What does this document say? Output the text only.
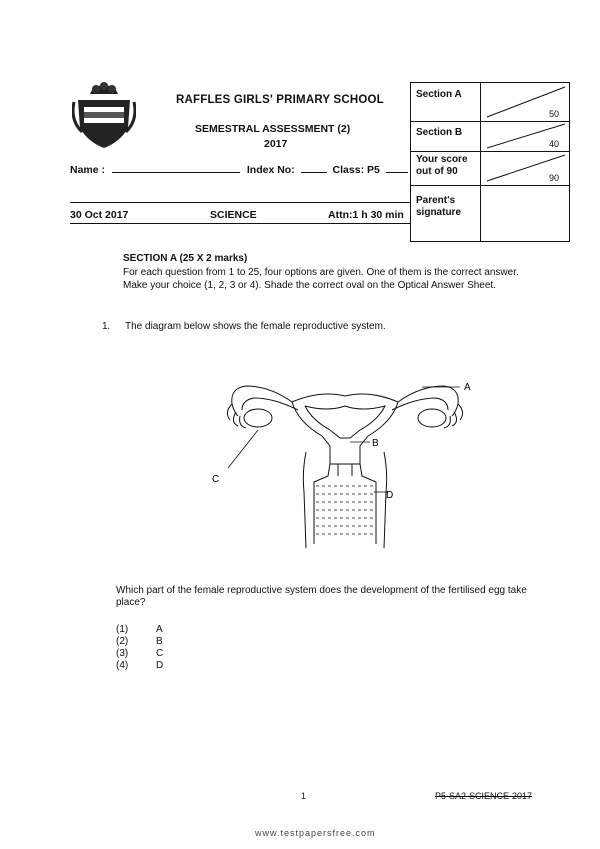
RAFFLES GIRLS' PRIMARY SCHOOL
SEMESTRAL ASSESSMENT (2)
2017
Name :	Index No:	Class: P5
30 Oct 2017	SCIENCE	Attn:1 h 30 min
Section A
50
Section B
40
Your score out of 90
90
Parent's signature
SECTION A (25 X 2 marks)
For each question from 1 to 25, four options are given. One of them is the correct answer.
Make your choice (1, 2, 3 or 4). Shade the correct oval on the Optical Answer Sheet.
1. The diagram below shows the female reproductive system.
A
B
C
D
Which part of the female reproductive system does the development of the fertilised egg take place?
(1)	A
(2)	B
(3)	C
(4)	D
1	P5-SA2-SCIENCE-2017
www.testpapersfree.com
